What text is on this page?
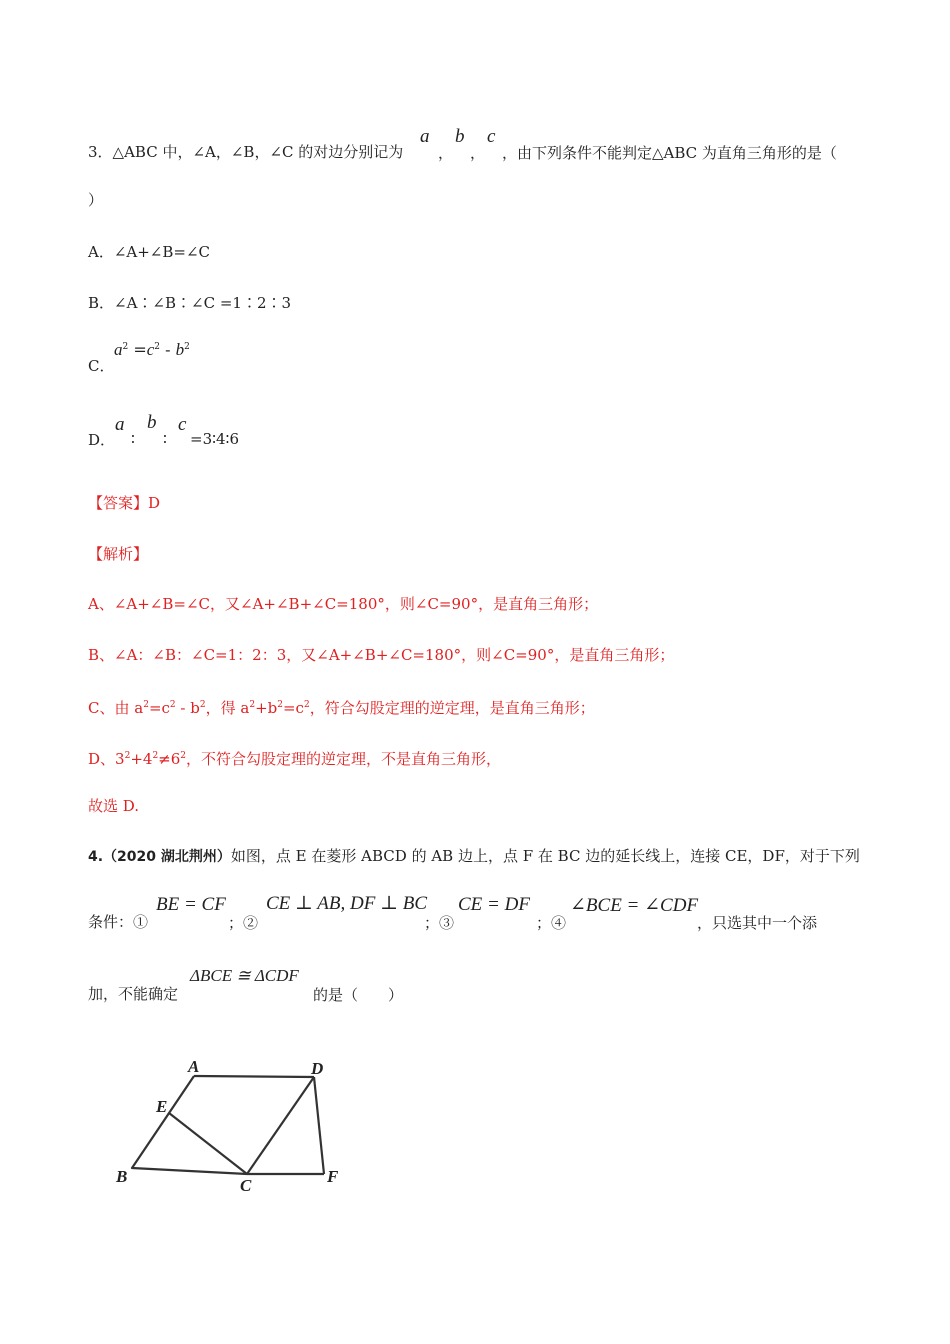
3．△ABC 中，∠A，∠B，∠C 的对边分别记为
a
，
b
，
c
，由下列条件不能判定△ABC 为直角三角形的是（
）
A．∠A+∠B=∠C
B．∠A∶∠B∶∠C =1∶2∶3
C．
$a^2 =c^2 - b^2$
D．
a
∶
b
∶
c
=3∶4∶6
【答案】D
【解析】
A、∠A+∠B=∠C，又∠A+∠B+∠C=180°，则∠C=90°，是直角三角形；
B、∠A：∠B：∠C=1：2：3，又∠A+∠B+∠C=180°，则∠C=90°，是直角三角形；
C、由 $a^2=c^2 - b^2$，得 $a^2+b^2=c^2$，符合勾股定理的逆定理，是直角三角形；
D、$3^2+4^2\ne 6^2$，不符合勾股定理的逆定理，不是直角三角形，
故选 D.
4.（2020 湖北荆州）如图，点 E 在菱形 ABCD 的 AB 边上，点 F 在 BC 边的延长线上，连接 CE，DF，对于下列
条件：①
BE = CF
；②
CE ⊥ AB, DF ⊥ BC
；③
CE = DF
；④
∠BCE = ∠CDF
，只选其中一个添
加，不能确定
ΔBCE ≅ ΔCDF
的是（　　）
A	D
E
B	C	F
